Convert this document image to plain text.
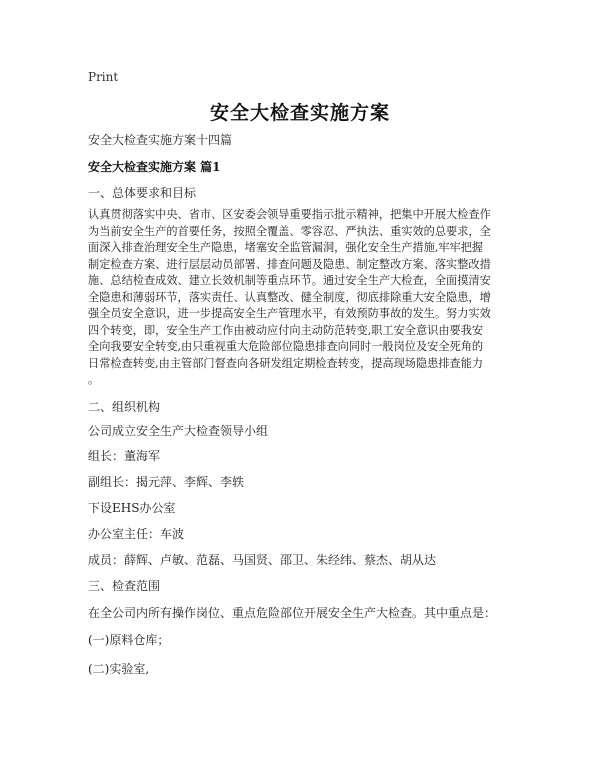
Print
安全大检查实施方案
安全大检查实施方案十四篇
安全大检查实施方案 篇1
一、总体要求和目标
认真贯彻落实中央、省市、区安委会领导重要指示批示精神，把集中开展大检查作
为当前安全生产的首要任务，按照全覆盖、零容忍、严执法、重实效的总要求，全
面深入排查治理安全生产隐患，堵塞安全监管漏洞，强化安全生产措施,牢牢把握
制定检查方案、进行层层动员部署、排查问题及隐患、制定整改方案、落实整改措
施、总结检查成效、建立长效机制等重点环节。通过安全生产大检查，全面摸清安
全隐患和薄弱环节，落实责任、认真整改、健全制度，彻底排除重大安全隐患，增
强全员安全意识，进一步提高安全生产管理水平，有效预防事故的发生。努力实效
四个转变，即，安全生产工作由被动应付向主动防范转变,职工安全意识由要我安
全向我要安全转变,由只重视重大危险部位隐患排查向同时一般岗位及安全死角的
日常检查转变,由主管部门督查向各研发组定期检查转变，提高现场隐患排查能力
。
二、组织机构
公司成立安全生产大检查领导小组
组长：董海军
副组长：揭元萍、李辉、李轶
下设EHS办公室
办公室主任：车波
成员：薛辉、卢敏、范磊、马国贤、邵卫、朱经纬、蔡杰、胡从达
三、检查范围
在全公司内所有操作岗位、重点危险部位开展安全生产大检查。其中重点是：
(一)原料仓库；
(二)实验室,
